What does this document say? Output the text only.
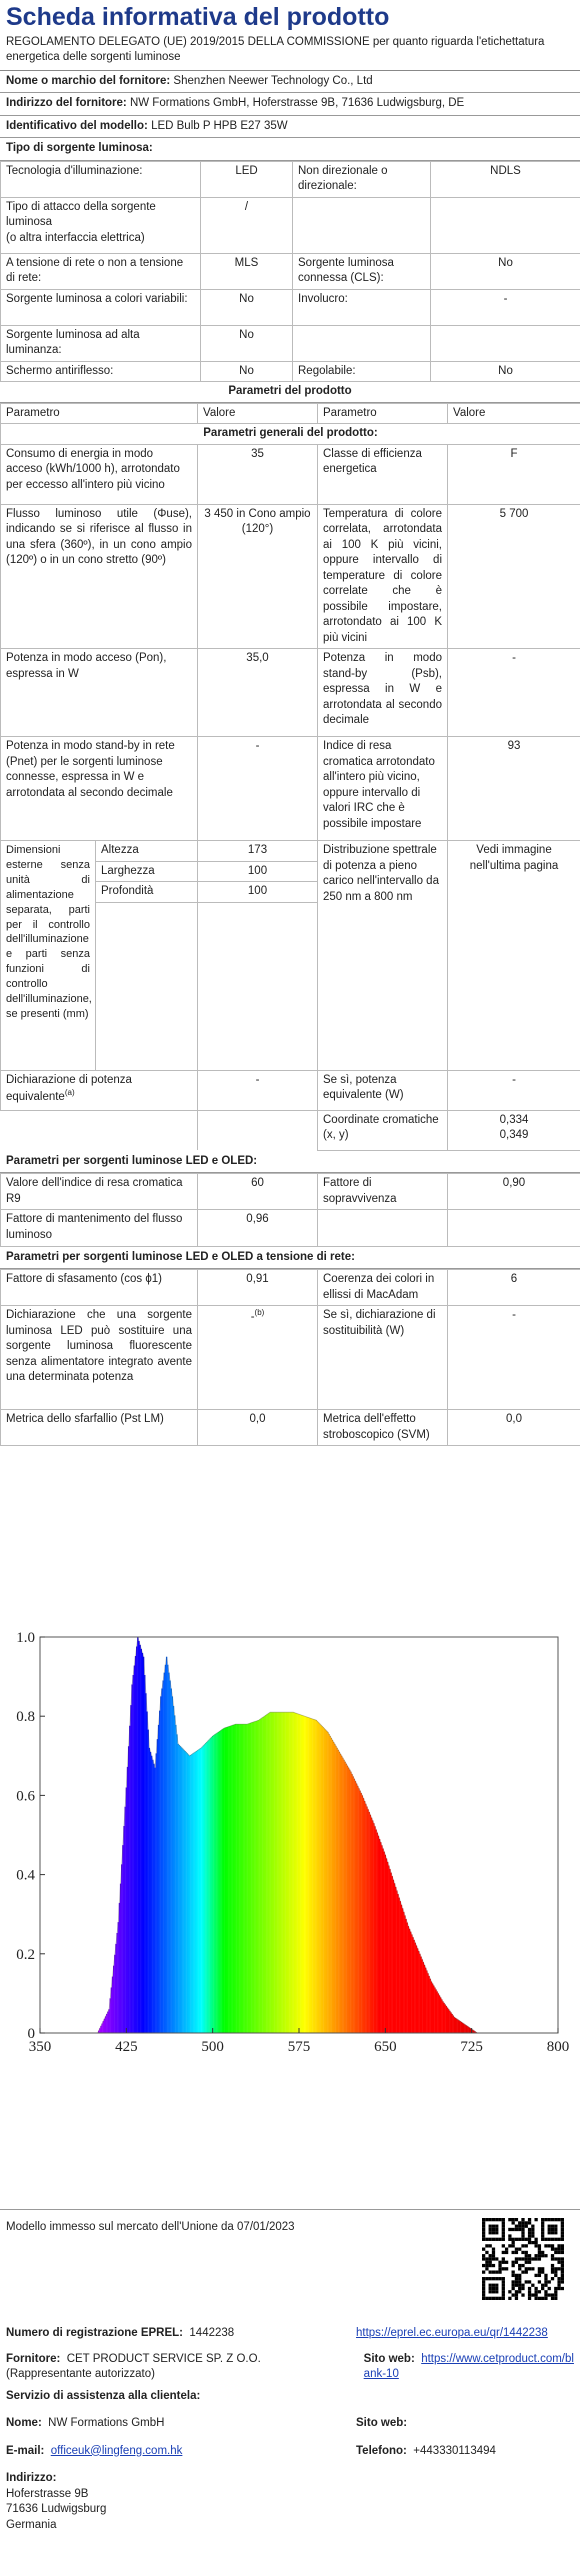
Scheda informativa del prodotto
REGOLAMENTO DELEGATO (UE) 2019/2015 DELLA COMMISSIONE per quanto riguarda l'etichettatura energetica delle sorgenti luminose
Nome o marchio del fornitore: Shenzhen Neewer Technology Co., Ltd
Indirizzo del fornitore: NW Formations GmbH, Hoferstrasse 9B, 71636 Ludwigsburg, DE
Identificativo del modello: LED Bulb P HPB E27 35W
Tipo di sorgente luminosa:
Tecnologia d'illuminazione:	LED	Non direzionale o direzionale:	NDLS

Tipo di attacco della sorgente luminosa
(o altra interfaccia elettrica)	/		
A tensione di rete o non a tensione di rete:	MLS	Sorgente luminosa connessa (CLS):	No
Sorgente luminosa a colori variabili:	No	Involucro:	-
Sorgente luminosa ad alta luminanza:	No		
Schermo antiriflesso:	No	Regolabile:	No
Parametri del prodotto
Parametro		Valore	Parametro	Valore
Parametri generali del prodotto:				
Consumo di energia in modo acceso (kWh/1000 h), arrotondato per eccesso all'intero più vicino		35	Classe di efficienza energetica	F
Flusso luminoso utile (Φuse), indicando se si riferisce al flusso in una sfera (360º), in un cono ampio (120º) o in un cono stretto (90º)		3 450 in Cono ampio (120°)	Temperatura di colore correlata, arrotondata ai 100 K più vicini, oppure intervallo di temperature di colore correlate che è possibile impostare, arrotondato ai 100 K più vicini	5 700
Potenza in modo acceso (Pon), espressa in W		35,0	Potenza in modo stand-by (Psb), espressa in W e arrotondata al secondo decimale	-
Potenza in modo stand-by in rete (Pnet) per le sorgenti luminose connesse, espressa in W e arrotondata al secondo decimale		-	Indice di resa cromatica arrotondato all'intero più vicino, oppure intervallo di valori IRC che è possibile impostare	93
Dimensioni esterne senza unità di alimentazione separata, parti per il controllo dell'illuminazione e parti senza funzioni di controllo dell'illuminazione, se presenti (mm)	Altezza	173	Distribuzione spettrale di potenza a pieno carico nell'intervallo da 250 nm a 800 nm	Vedi immagine nell'ultima pagina
	Larghezza	100		
	Profondità	100		

Dichiarazione di potenza equivalente$^{(a)}$		-	Se sì, potenza equivalente (W)	-
			Coordinate cromatiche (x, y)	0,334
0,349
Parametri per sorgenti luminose LED e OLED:
Valore dell'indice di resa cromatica R9	60	Fattore di sopravvivenza	0,90
Fattore di mantenimento del flusso luminoso	0,96		
Parametri per sorgenti luminose LED e OLED a tensione di rete:
Fattore di sfasamento (cos ϕ1)	0,91	Coerenza dei colori in ellissi di MacAdam	6
Dichiarazione che una sorgente luminosa LED può sostituire una sorgente luminosa fluorescente senza alimentatore integrato avente una determinata potenza	-$^{(b)}$	Se sì, dichiarazione di sostituibilità (W)	-
Metrica dello sfarfallio (Pst LM)	0,0	Metrica dell'effetto stroboscopico (SVM)	0,0
350	425	500	575	650	725	800
0
0.2
0.4
0.6
0.8
1.0
Modello immesso sul mercato dell'Unione da 07/01/2023
Numero di registrazione EPREL: 1442238	https://eprel.ec.europa.eu/qr/1442238
Fornitore: CET PRODUCT SERVICE SP. Z O.O. (Rappresentante autorizzato)
Sito web: https://www.cetproduct.com/blank-10
Servizio di assistenza alla clientela:
Nome: NW Formations GmbH	Sito web:
E-mail: officeuk@lingfeng.com.hk	Telefono: +443330113494
Indirizzo:
Hoferstrasse 9B
71636 Ludwigsburg
Germania
